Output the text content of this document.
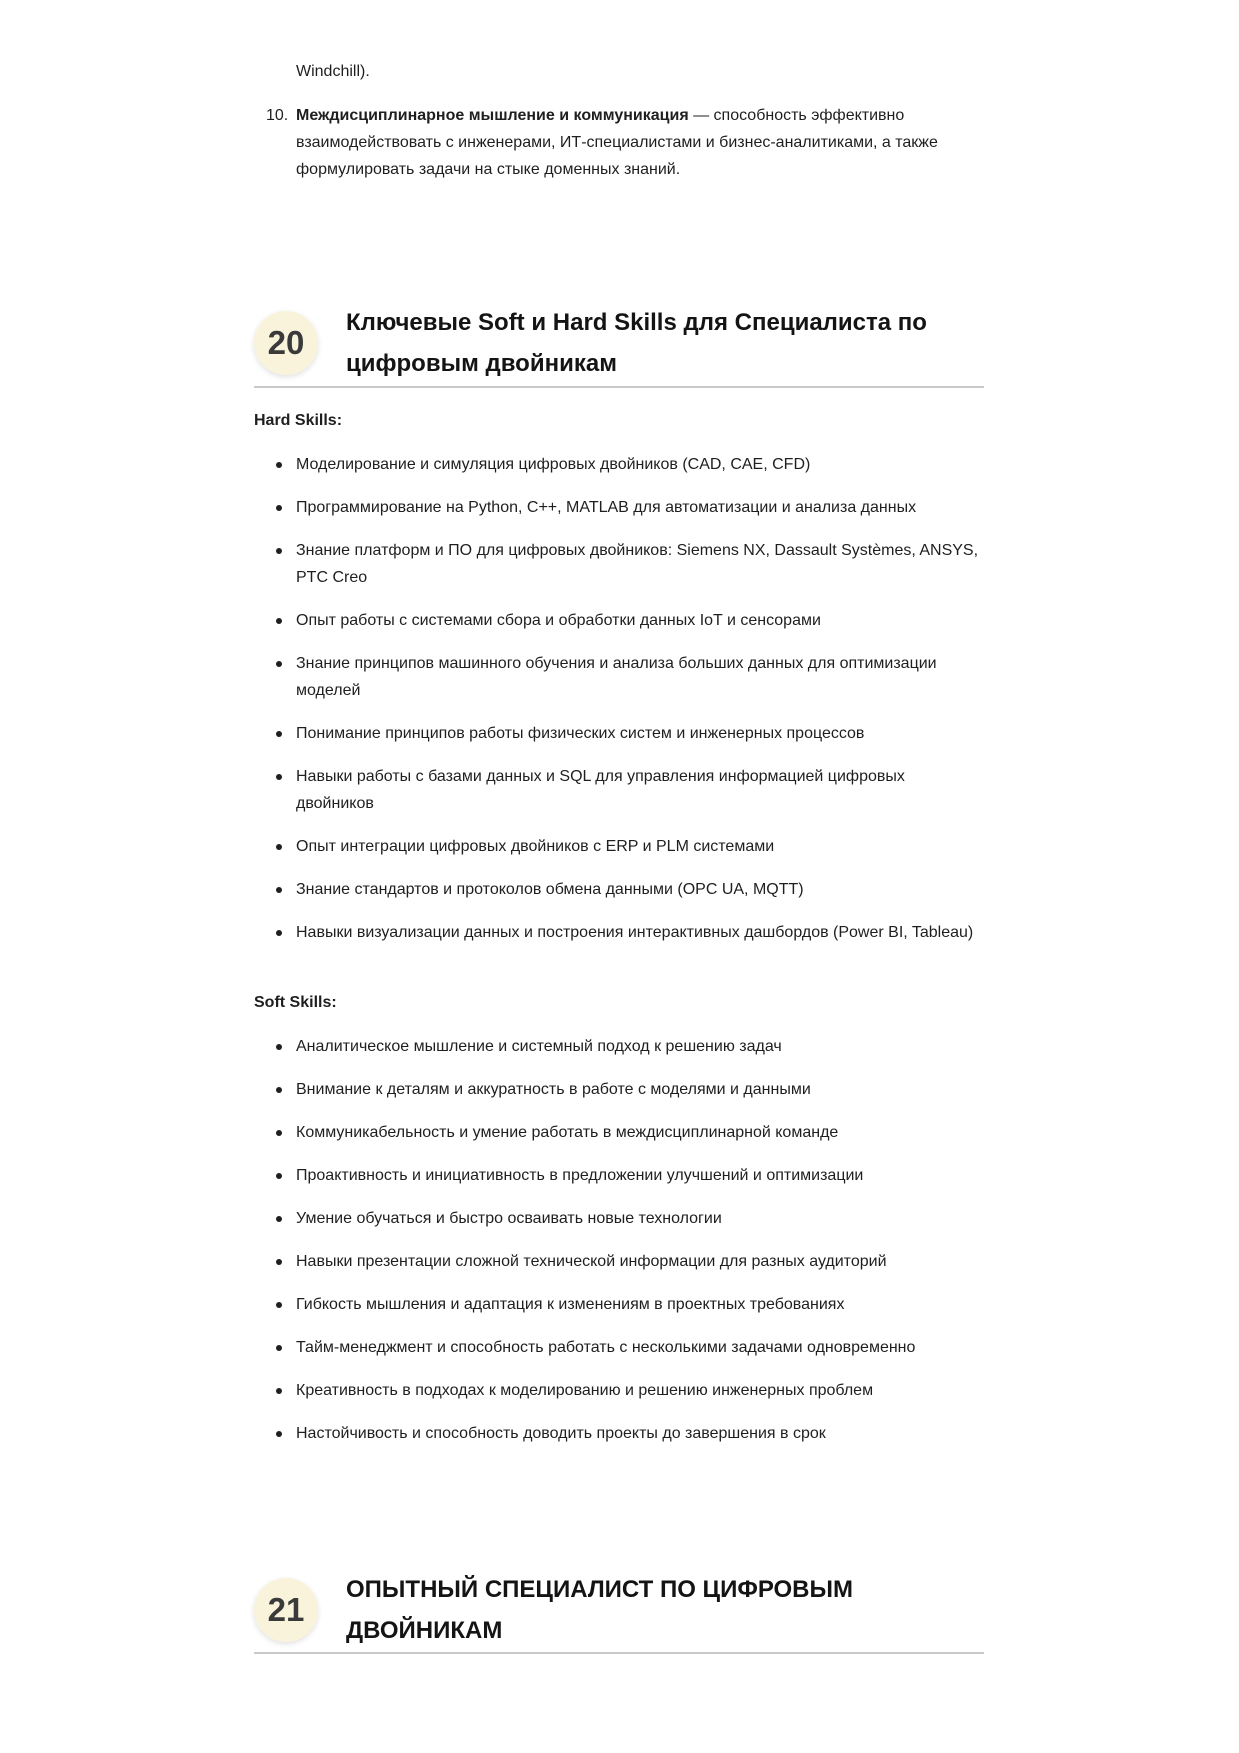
Windchill).

10. Междисциплинарное мышление и коммуникация — способность эффективно взаимодействовать с инженерами, ИТ-специалистами и бизнес-аналитиками, а также формулировать задачи на стыке доменных знаний.
20
Ключевые Soft и Hard Skills для Специалиста по цифровым двойникам

Hard Skills:

Моделирование и симуляция цифровых двойников (CAD, CAE, CFD)
Программирование на Python, C++, MATLAB для автоматизации и анализа данных
Знание платформ и ПО для цифровых двойников: Siemens NX, Dassault Systèmes, ANSYS, PTC Creo
Опыт работы с системами сбора и обработки данных IoT и сенсорами
Знание принципов машинного обучения и анализа больших данных для оптимизации моделей
Понимание принципов работы физических систем и инженерных процессов
Навыки работы с базами данных и SQL для управления информацией цифровых двойников
Опыт интеграции цифровых двойников с ERP и PLM системами
Знание стандартов и протоколов обмена данными (OPC UA, MQTT)
Навыки визуализации данных и построения интерактивных дашбордов (Power BI, Tableau)

Soft Skills:

Аналитическое мышление и системный подход к решению задач
Внимание к деталям и аккуратность в работе с моделями и данными
Коммуникабельность и умение работать в междисциплинарной команде
Проактивность и инициативность в предложении улучшений и оптимизации
Умение обучаться и быстро осваивать новые технологии
Навыки презентации сложной технической информации для разных аудиторий
Гибкость мышления и адаптация к изменениям в проектных требованиях
Тайм-менеджмент и способность работать с несколькими задачами одновременно
Креативность в подходах к моделированию и решению инженерных проблем
Настойчивость и способность доводить проекты до завершения в срок
21
ОПЫТНЫЙ СПЕЦИАЛИСТ ПО ЦИФРОВЫМ ДВОЙНИКАМ
